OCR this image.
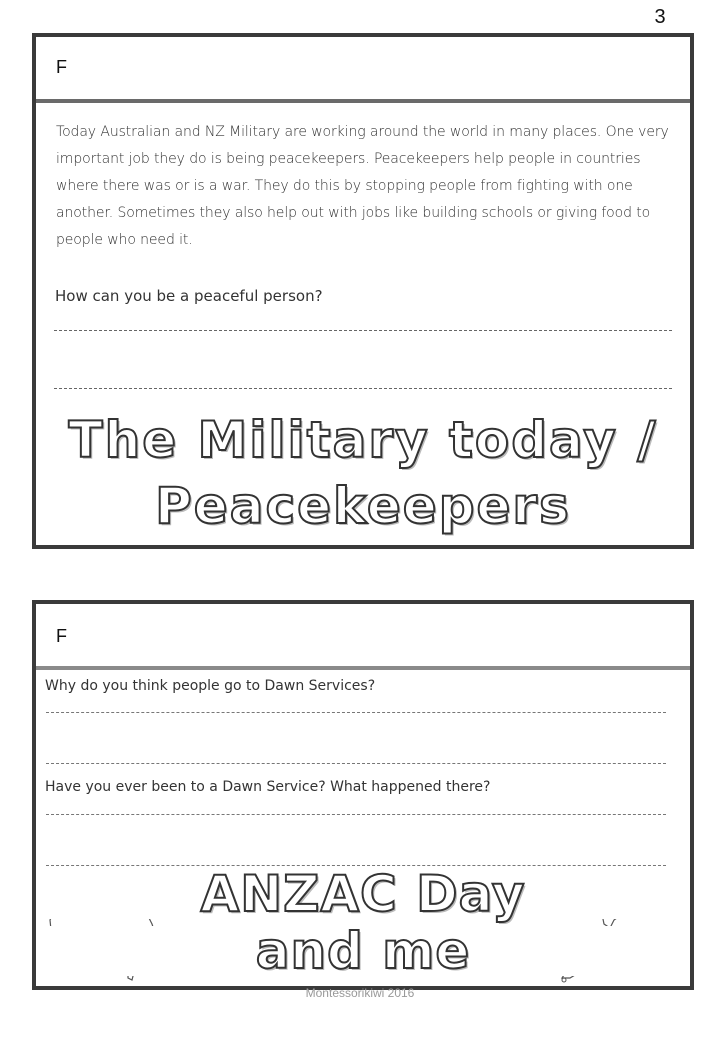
3
F
Today Australian and NZ Military are working around the world in many places. One very important job they do is being peacekeepers. Peacekeepers help people in countries where there was or is a war. They do this by stopping people from fighting with one another. Sometimes they also help out with jobs like building schools or giving food to people who need it.
How can you be a peaceful person?
The Military today /
Peacekeepers
F
Why do you think people go to Dawn Services?
Have you ever been to a Dawn Service? What happened there?
ANZAC Day
and me
Montessorikiwi 2016
